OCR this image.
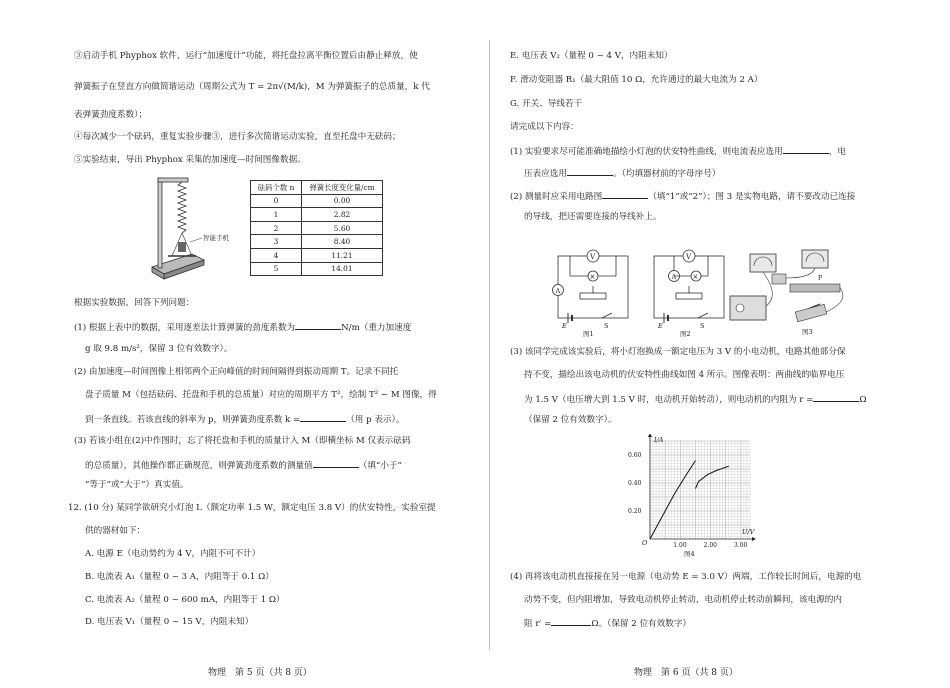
③启动手机 Phyphox 软件，运行“加速度计”功能，将托盘拉离平衡位置后由静止释放，使
弹簧振子在竖直方向做简谐运动（周期公式为 T = 2π√(M/k)，M 为弹簧振子的总质量，k 代
表弹簧劲度系数）；
④每次减少一个砝码，重复实验步骤③，进行多次简谐运动实验，直至托盘中无砝码；
⑤实验结束，导出 Phyphox 采集的加速度—时间图像数据。
智能手机
砝码个数 n	弹簧长度变化量/cm
0	0.00
1	2.82
2	5.60
3	8.40
4	11.21
5	14.01
根据实验数据，回答下列问题：
(1) 根据上表中的数据，采用逐差法计算弹簧的劲度系数为	N/m（重力加速度
g 取 9.8 m/s²，保留 3 位有效数字）。
(2) 由加速度—时间图像上相邻两个正向峰值的时间间隔得到振动周期 T。记录不同托
盘子质量 M（包括砝码、托盘和手机的总质量）对应的周期平方 T²，绘制 T² − M 图像，得
到一条直线。若该直线的斜率为 p，则弹簧劲度系数 k =	（用 p 表示）。
(3) 若该小组在(2)中作图时，忘了将托盘和手机的质量计入 M（即横坐标 M 仅表示砝码
的总质量），其他操作都正确规范，则弹簧劲度系数的测量值	（填“小于”
“等于”或“大于”）真实值。
12. (10 分) 某同学欲研究小灯泡 L（额定功率 1.5 W，额定电压 3.8 V）的伏安特性，实验室提
供的器材如下：
A. 电源 E（电动势约为 4 V，内阻不可不计）
B. 电流表 A₁（量程 0 ~ 3 A，内阻等于 0.1 Ω）
C. 电流表 A₂（量程 0 ~ 600 mA，内阻等于 1 Ω）
D. 电压表 V₁（量程 0 ~ 15 V，内阻未知）
物理　第 5 页（共 8 页）
E. 电压表 V₂（量程 0 ~ 4 V，内阻未知）
F. 滑动变阻器 R₁（最大阻值 10 Ω，允许通过的最大电流为 2 A）
G. 开关、导线若干
请完成以下内容：
(1) 实验要求尽可能准确地描绘小灯泡的伏安特性曲线，则电流表应选用	，电
压表应选用	。（均填器材前的字母序号）
(2) 测量时应采用电路图	（填“1”或“2”）；图 3 是实物电路，请不要改动已连接
的导线，把还需要连接的导线补上。
V
×
A
E	S
图1
V
A ×
E	S
图2
P
图3
(3) 该同学完成该实验后，将小灯泡换成一额定电压为 3 V 的小电动机，电路其他部分保
持不变，描绘出该电动机的伏安特性曲线如图 4 所示。图像表明：两曲线的临界电压
为 1.5 V（电压增大到 1.5 V 时，电动机开始转动），则电动机的内阻为 r =	Ω
（保留 2 位有效数字）。
I/A
U/V
O
0.60
0.40
0.20
1.00	2.00	3.00
图4
(4) 再将该电动机直接接在另一电源（电动势 E = 3.0 V）两端，工作较长时间后，电源的电
动势不变，但内阻增加，导致电动机停止转动，电动机停止转动前瞬间，该电源的内
阻 r′ =	Ω。（保留 2 位有效数字）
物理　第 6 页（共 8 页）
